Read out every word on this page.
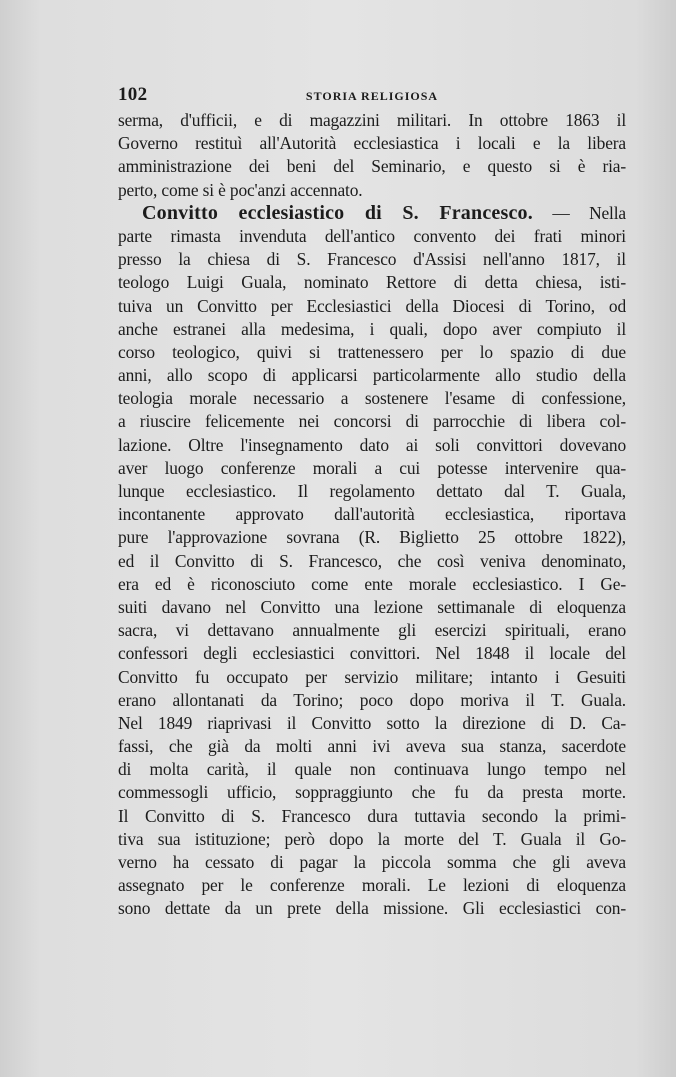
102	STORIA RELIGIOSA
serma, d'ufficii, e di magazzini militari. In ottobre 1863 il
Governo restituì all'Autorità ecclesiastica i locali e la libera
amministrazione dei beni del Seminario, e questo si è ria-
perto, come si è poc'anzi accennato.
Convitto ecclesiastico di S. Francesco. — Nella
parte rimasta invenduta dell'antico convento dei frati minori
presso la chiesa di S. Francesco d'Assisi nell'anno 1817, il
teologo Luigi Guala, nominato Rettore di detta chiesa, isti-
tuiva un Convitto per Ecclesiastici della Diocesi di Torino, od
anche estranei alla medesima, i quali, dopo aver compiuto il
corso teologico, quivi si trattenessero per lo spazio di due
anni, allo scopo di applicarsi particolarmente allo studio della
teologia morale necessario a sostenere l'esame di confessione,
a riuscire felicemente nei concorsi di parrocchie di libera col-
lazione. Oltre l'insegnamento dato ai soli convittori dovevano
aver luogo conferenze morali a cui potesse intervenire qua-
lunque ecclesiastico. Il regolamento dettato dal T. Guala,
incontanente approvato dall'autorità ecclesiastica, riportava
pure l'approvazione sovrana (R. Biglietto 25 ottobre 1822),
ed il Convitto di S. Francesco, che così veniva denominato,
era ed è riconosciuto come ente morale ecclesiastico. I Ge-
suiti davano nel Convitto una lezione settimanale di eloquenza
sacra, vi dettavano annualmente gli esercizi spirituali, erano
confessori degli ecclesiastici convittori. Nel 1848 il locale del
Convitto fu occupato per servizio militare; intanto i Gesuiti
erano allontanati da Torino; poco dopo moriva il T. Guala.
Nel 1849 riaprivasi il Convitto sotto la direzione di D. Ca-
fassi, che già da molti anni ivi aveva sua stanza, sacerdote
di molta carità, il quale non continuava lungo tempo nel
commessogli ufficio, soppraggiunto che fu da presta morte.
Il Convitto di S. Francesco dura tuttavia secondo la primi-
tiva sua istituzione; però dopo la morte del T. Guala il Go-
verno ha cessato di pagar la piccola somma che gli aveva
assegnato per le conferenze morali. Le lezioni di eloquenza
sono dettate da un prete della missione. Gli ecclesiastici con-
